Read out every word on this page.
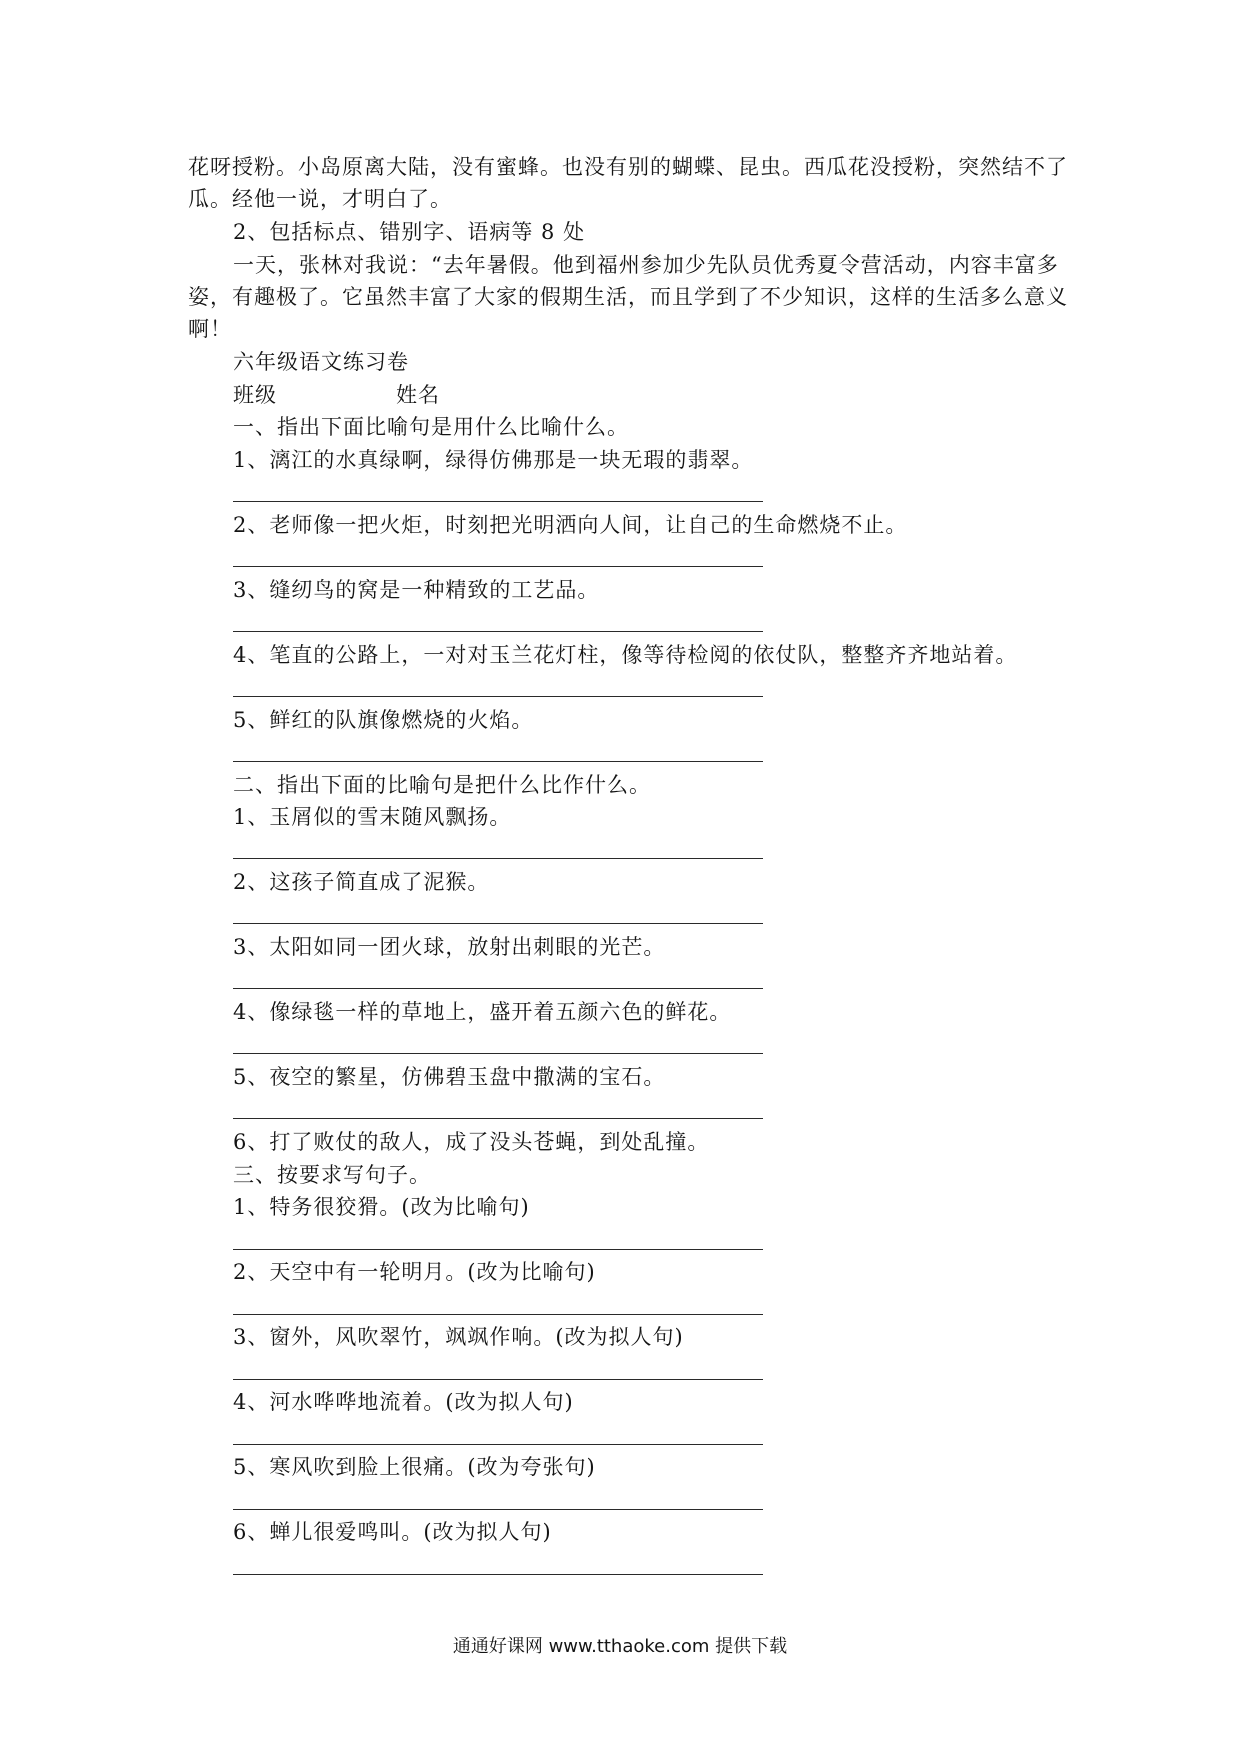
花呀授粉。小岛原离大陆，没有蜜蜂。也没有别的蝴蝶、昆虫。西瓜花没授粉，突然结不了
瓜。经他一说，才明白了。
2、包括标点、错别字、语病等 8 处
一天，张林对我说：“去年暑假。他到福州参加少先队员优秀夏令营活动，内容丰富多
姿，有趣极了。它虽然丰富了大家的假期生活，而且学到了不少知识，这样的生活多么意义
啊！
六年级语文练习卷
班级	姓名
一、指出下面比喻句是用什么比喻什么。
1、漓江的水真绿啊，绿得仿佛那是一块无瑕的翡翠。
2、老师像一把火炬，时刻把光明洒向人间，让自己的生命燃烧不止。
3、缝纫鸟的窝是一种精致的工艺品。
4、笔直的公路上，一对对玉兰花灯柱，像等待检阅的依仗队，整整齐齐地站着。
5、鲜红的队旗像燃烧的火焰。
二、指出下面的比喻句是把什么比作什么。
1、玉屑似的雪末随风飘扬。
2、这孩子简直成了泥猴。
3、太阳如同一团火球，放射出刺眼的光芒。
4、像绿毯一样的草地上，盛开着五颜六色的鲜花。
5、夜空的繁星，仿佛碧玉盘中撒满的宝石。
6、打了败仗的敌人，成了没头苍蝇，到处乱撞。
三、按要求写句子。
1、特务很狡猾。(改为比喻句)
2、天空中有一轮明月。(改为比喻句)
3、窗外，风吹翠竹，飒飒作响。(改为拟人句)
4、河水哗哗地流着。(改为拟人句)
5、寒风吹到脸上很痛。(改为夸张句)
6、蝉儿很爱鸣叫。(改为拟人句)
通通好课网 www.tthaoke.com 提供下载
